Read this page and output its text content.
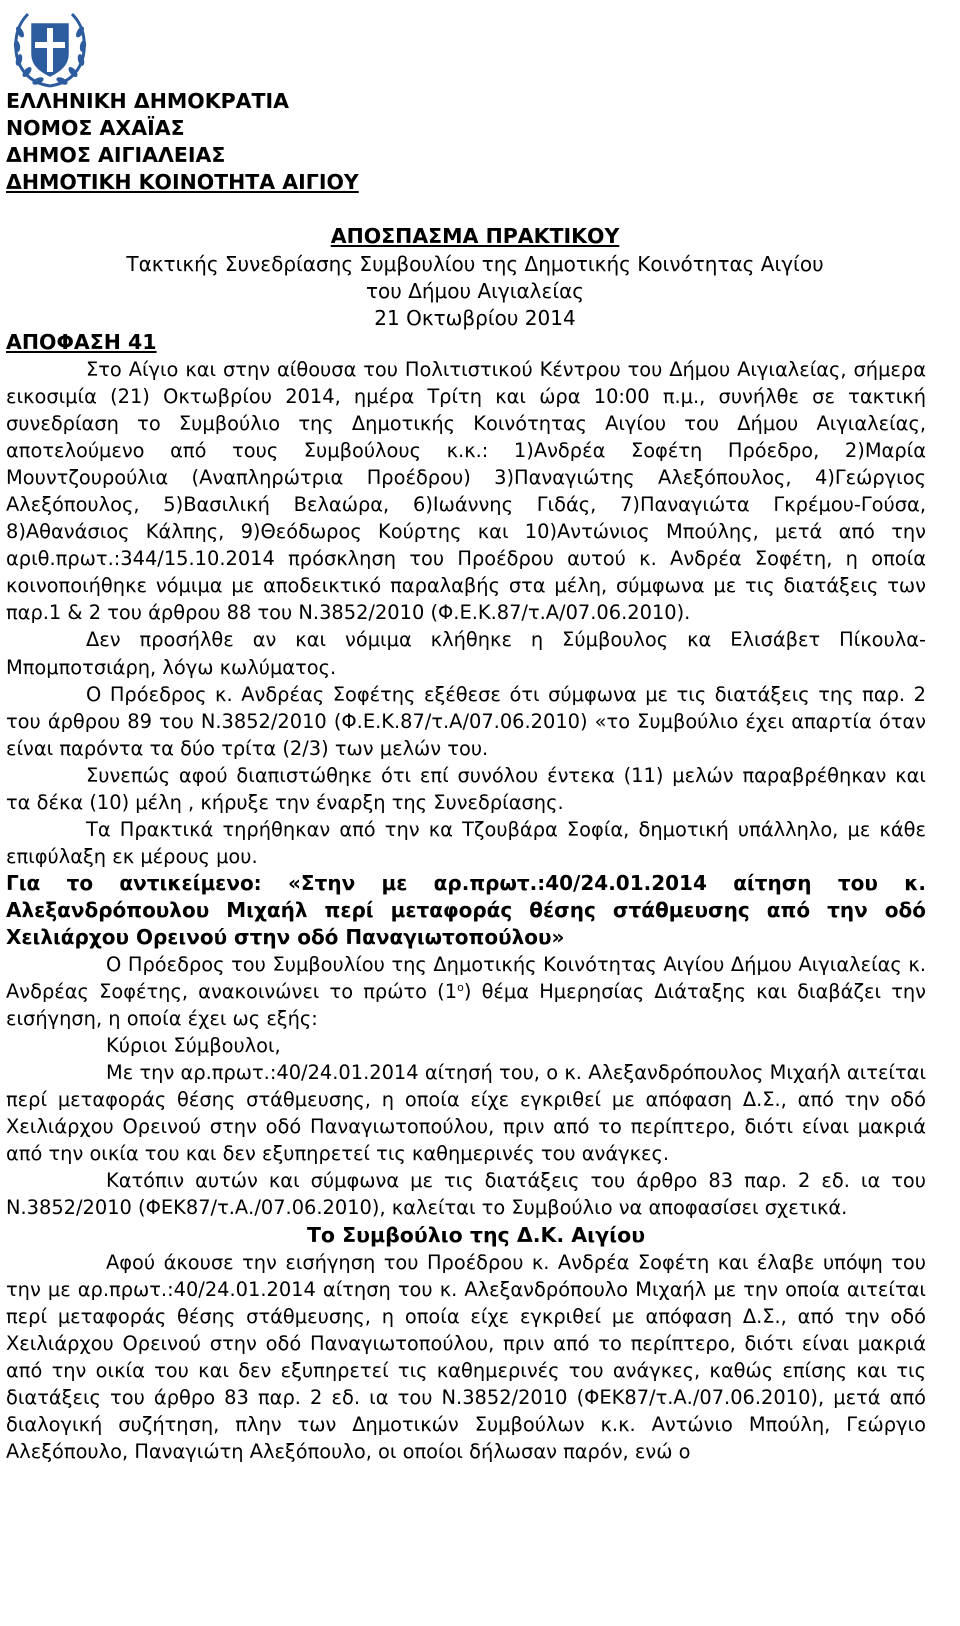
ΕΛΛΗΝΙΚΗ ΔΗΜΟΚΡΑΤΙΑ
ΝΟΜΟΣ ΑΧΑΪΑΣ
ΔΗΜΟΣ ΑΙΓΙΑΛΕΙΑΣ
ΔΗΜΟΤΙΚΗ ΚΟΙΝΟΤΗΤΑ ΑΙΓΙΟΥ
ΑΠΟΣΠΑΣΜΑ ΠΡΑΚΤΙΚΟΥ
Τακτικής Συνεδρίασης Συμβουλίου της Δημοτικής Κοινότητας Αιγίου
του Δήμου Αιγιαλείας
21 Οκτωβρίου 2014
ΑΠΟΦΑΣΗ 41

Στο Αίγιο και στην αίθουσα του Πολιτιστικού Κέντρου του Δήμου Αιγιαλείας, σήμερα εικοσιμία (21) Οκτωβρίου 2014, ημέρα Τρίτη και ώρα 10:00 π.μ., συνήλθε σε τακτική συνεδρίαση το Συμβούλιο της Δημοτικής Κοινότητας Αιγίου του Δήμου Αιγιαλείας, αποτελούμενο από τους Συμβούλους κ.κ.: 1)Ανδρέα Σοφέτη Πρόεδρο, 2)Μαρία Μουντζουρούλια (Αναπληρώτρια Προέδρου) 3)Παναγιώτης Αλεξόπουλος, 4)Γεώργιος Αλεξόπουλος, 5)Βασιλική Βελαώρα, 6)Ιωάννης Γιδάς, 7)Παναγιώτα Γκρέμου-Γούσα, 8)Αθανάσιος Κάλπης, 9)Θεόδωρος Κούρτης και 10)Αντώνιος Μπούλης, μετά από την αριθ.πρωτ.:344/15.10.2014 πρόσκληση του Προέδρου αυτού κ. Ανδρέα Σοφέτη, η οποία κοινοποιήθηκε νόμιμα με αποδεικτικό παραλαβής στα μέλη, σύμφωνα με τις διατάξεις των παρ.1 & 2 του άρθρου 88 του Ν.3852/2010 (Φ.Ε.Κ.87/τ.Α/07.06.2010).

Δεν προσήλθε αν και νόμιμα κλήθηκε η Σύμβουλος κα Ελισάβετ Πίκουλα-Μπομποτσιάρη, λόγω κωλύματος.

Ο Πρόεδρος κ. Ανδρέας Σοφέτης εξέθεσε ότι σύμφωνα με τις διατάξεις της παρ. 2 του άρθρου 89 του Ν.3852/2010 (Φ.Ε.Κ.87/τ.Α/07.06.2010) «το Συμβούλιο έχει απαρτία όταν είναι παρόντα τα δύο τρίτα (2/3) των μελών του.

Συνεπώς αφού διαπιστώθηκε ότι επί συνόλου έντεκα (11) μελών παραβρέθηκαν και τα δέκα (10) μέλη , κήρυξε την έναρξη της Συνεδρίασης.

Τα Πρακτικά τηρήθηκαν από την κα Τζουβάρα Σοφία, δημοτική υπάλληλο, με κάθε επιφύλαξη εκ μέρους μου.

Για το αντικείμενο: «Στην με αρ.πρωτ.:40/24.01.2014 αίτηση του κ. Αλεξανδρόπουλου Μιχαήλ περί μεταφοράς θέσης στάθμευσης από την οδό Χειλιάρχου Ορεινού στην οδό Παναγιωτοπούλου»

Ο Πρόεδρος του Συμβουλίου της Δημοτικής Κοινότητας Αιγίου Δήμου Αιγιαλείας κ. Ανδρέας Σοφέτης, ανακοινώνει το πρώτο $(1^o)$ θέμα Ημερησίας Διάταξης και διαβάζει την εισήγηση, η οποία έχει ως εξής:

Κύριοι Σύμβουλοι,

Με την αρ.πρωτ.:40/24.01.2014 αίτησή του, ο κ. Αλεξανδρόπουλος Μιχαήλ αιτείται περί μεταφοράς θέσης στάθμευσης, η οποία είχε εγκριθεί με απόφαση Δ.Σ., από την οδό Χειλιάρχου Ορεινού στην οδό Παναγιωτοπούλου, πριν από το περίπτερο, διότι είναι μακριά από την οικία του και δεν εξυπηρετεί τις καθημερινές του ανάγκες.

Κατόπιν αυτών και σύμφωνα με τις διατάξεις του άρθρο 83 παρ. 2 εδ. ια του Ν.3852/2010 (ΦΕΚ87/τ.Α./07.06.2010), καλείται το Συμβούλιο να αποφασίσει σχετικά.

Το Συμβούλιο της Δ.Κ. Αιγίου

Αφού άκουσε την εισήγηση του Προέδρου κ. Ανδρέα Σοφέτη και έλαβε υπόψη του την με αρ.πρωτ.:40/24.01.2014 αίτηση του κ. Αλεξανδρόπουλο Μιχαήλ με την οποία αιτείται περί μεταφοράς θέσης στάθμευσης, η οποία είχε εγκριθεί με απόφαση Δ.Σ., από την οδό Χειλιάρχου Ορεινού στην οδό Παναγιωτοπούλου, πριν από το περίπτερο, διότι είναι μακριά από την οικία του και δεν εξυπηρετεί τις καθημερινές του ανάγκες, καθώς επίσης και τις διατάξεις του άρθρο 83 παρ. 2 εδ. ια του Ν.3852/2010 (ΦΕΚ87/τ.Α./07.06.2010), μετά από διαλογική συζήτηση, πλην των Δημοτικών Συμβούλων κ.κ. Αντώνιο Μπούλη, Γεώργιο Αλεξόπουλο, Παναγιώτη Αλεξόπουλο, οι οποίοι δήλωσαν παρόν, ενώ ο
